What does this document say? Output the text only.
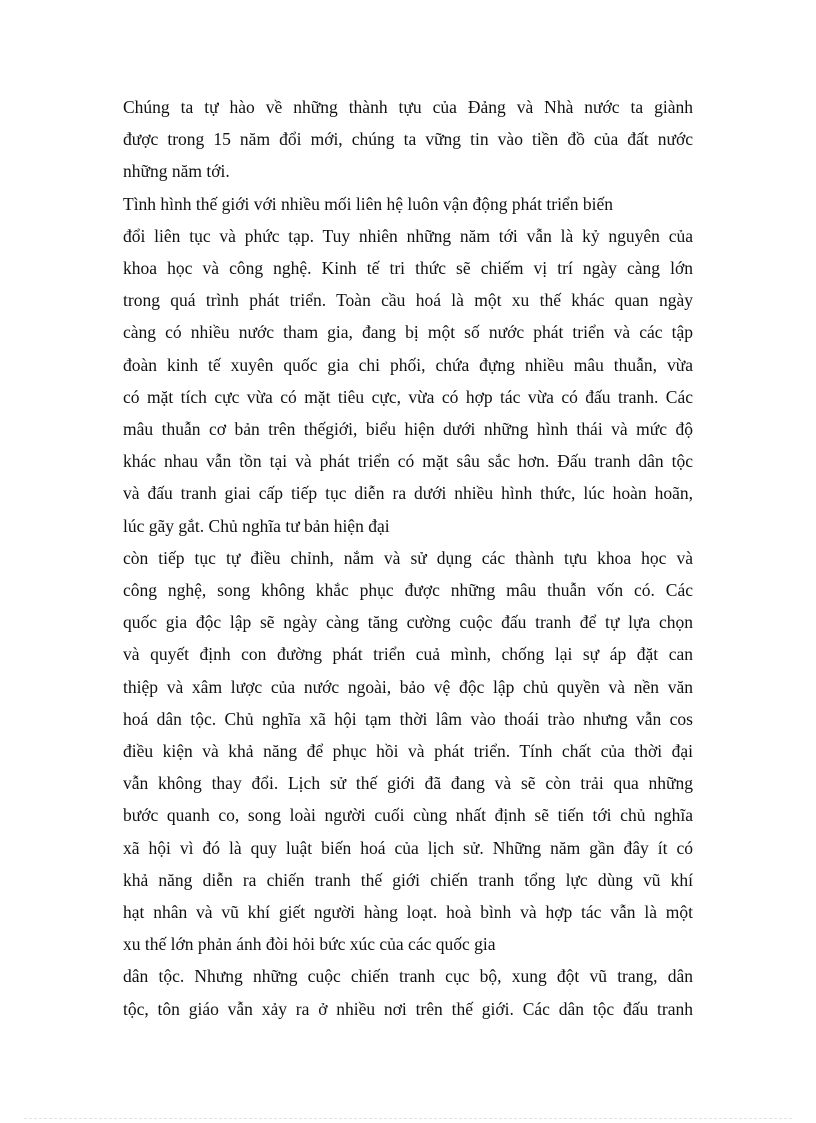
Chúng ta tự hào về những thành tựu của Đảng và Nhà nước ta giành
được trong 15 năm đổi mới, chúng ta vững tin vào tiền đồ của đất nước
những năm tới.
Tình hình thế giới với nhiều mối liên hệ luôn vận động phát triển biến
đổi liên tục và phức tạp. Tuy nhiên những năm tới vẫn là kỷ nguyên của
khoa học và công nghệ. Kinh tế tri thức sẽ chiếm vị trí ngày càng lớn
trong quá trình phát triển. Toàn cầu hoá là một xu thế khác quan ngày
càng có nhiều nước tham gia, đang bị một số nước phát triển và các tập
đoàn kinh tế xuyên quốc gia chi phối, chứa đựng nhiều mâu thuẫn, vừa
có mặt tích cực vừa có mặt tiêu cực, vừa có hợp tác vừa có đấu tranh. Các
mâu thuẫn cơ bản trên thếgiới, biểu hiện dưới những hình thái và mức độ
khác nhau vẫn tồn tại và phát triển có mặt sâu sắc hơn. Đấu tranh dân tộc
và đấu tranh giai cấp tiếp tục diễn ra dưới nhiều hình thức, lúc hoàn hoãn,
lúc gãy gắt. Chủ nghĩa tư bản hiện đại
còn tiếp tục tự điều chỉnh, nắm và sử dụng các thành tựu khoa học và
công nghệ, song không khắc phục được những mâu thuẫn vốn có. Các
quốc gia độc lập sẽ ngày càng tăng cường cuộc đấu tranh để tự lựa chọn
và quyết định con đường phát triển cuả mình, chống lại sự áp đặt can
thiệp và xâm lược của nước ngoài, bảo vệ độc lập chủ quyền và nền văn
hoá dân tộc. Chủ nghĩa xã hội tạm thời lâm vào thoái trào nhưng vẫn cos
điều kiện và khả năng để phục hồi và phát triển. Tính chất của thời đại
vẫn không thay đổi. Lịch sử thế giới đã đang và sẽ còn trải qua những
bước quanh co, song loài người cuối cùng nhất định sẽ tiến tới chủ nghĩa
xã hội vì đó là quy luật biến hoá của lịch sử. Những năm gần đây ít có
khả năng diễn ra chiến tranh thế giới chiến tranh tổng lực dùng vũ khí
hạt nhân và vũ khí giết người hàng loạt. hoà bình và hợp tác vẫn là một
xu thế lớn phản ánh đòi hỏi bức xúc của các quốc gia
dân tộc. Nhưng những cuộc chiến tranh cục bộ, xung đột vũ trang, dân
tộc, tôn giáo vẫn xảy ra ở nhiều nơi trên thế giới. Các dân tộc đấu tranh
